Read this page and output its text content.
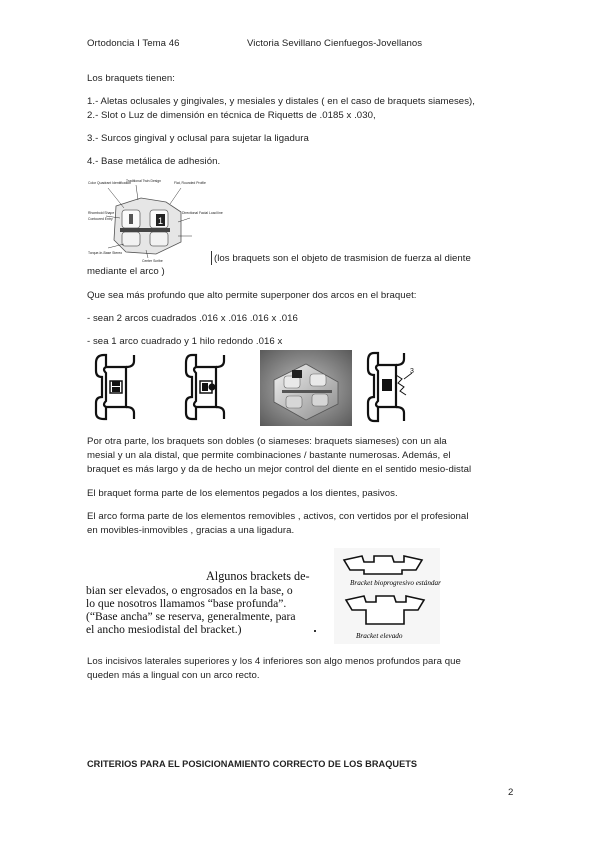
Ortodoncia I Tema 46	Victoria Sevillano Cienfuegos-Jovellanos
Los braquets tienen:
1.- Aletas oclusales y gingivales, y mesiales y distales ( en el caso de braquets siameses),
2.- Slot o Luz de dimensión en técnica de Riquetts de .0185 x .030,
3.- Surcos gingival y oclusal para sujetar la ligadura
4.- Base metálica de adhesión.
1
Color Quadrant Identification
Traditional Twin Design	Flat, Rounded Profile
Rhomboid Shape
Contoured Entry
Directional Facial Load line
Torque-In-Base Stereo
Center Scribe	(los braquets son el objeto de trasmision de fuerza al diente
mediante el arco )
Que sea más profundo que alto permite superponer dos arcos en el braquet:
- sean 2 arcos cuadrados .016 x .016 .016 x .016
- sea 1 arco cuadrado y 1 hilo redondo .016 x
3
Por otra parte, los braquets son dobles (o siameses: braquets siameses) con un ala
mesial y un ala distal, que permite combinaciones / bastante numerosas. Además, el
braquet es más largo y da de hecho un mejor control del diente en el sentido mesio-distal
El braquet forma parte de los elementos pegados a los dientes, pasivos.
El arco forma parte de los elementos removibles , activos, con vertidos por el profesional
en movibles-inmovibles , gracias a una ligadura.
Algunos brackets de-
bian ser elevados, o engrosados en la base, o
lo que nosotros llamamos “base profunda”.
(“Base ancha” se reserva, generalmente, para
el ancho mesiodistal del bracket.)
Bracket bioprogresivo estándar
Bracket elevado
Los incisivos laterales superiores y los 4 inferiores son algo menos profundos para que
queden más a lingual con un arco recto.
CRITERIOS PARA EL POSICIONAMIENTO CORRECTO DE LOS BRAQUETS
2
